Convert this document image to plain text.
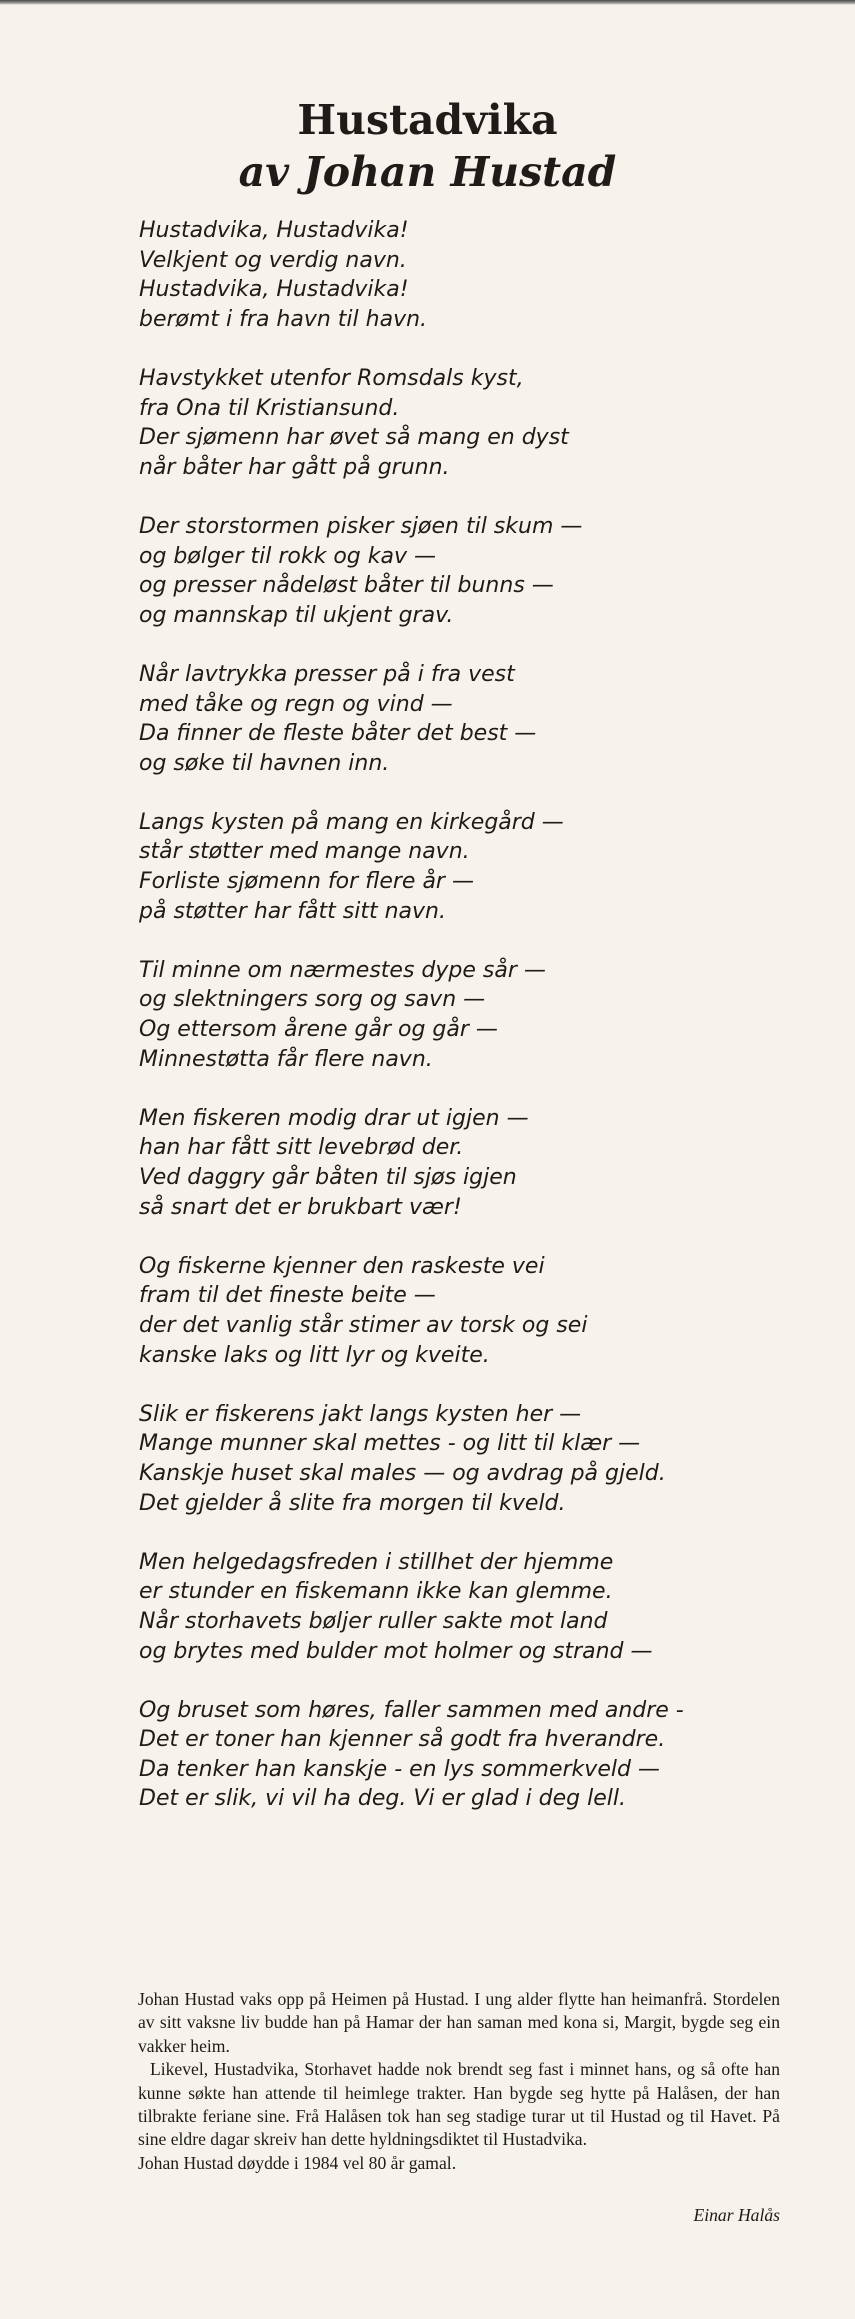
Hustadvika
av Johan Hustad
Hustadvika, Hustadvika!
Velkjent og verdig navn.
Hustadvika, Hustadvika!
berømt i fra havn til havn.
Havstykket utenfor Romsdals kyst,
fra Ona til Kristiansund.
Der sjømenn har øvet så mang en dyst
når båter har gått på grunn.
Der storstormen pisker sjøen til skum —
og bølger til rokk og kav —
og presser nådeløst båter til bunns —
og mannskap til ukjent grav.
Når lavtrykka presser på i fra vest
med tåke og regn og vind —
Da finner de fleste båter det best —
og søke til havnen inn.
Langs kysten på mang en kirkegård —
står støtter med mange navn.
Forliste sjømenn for flere år —
på støtter har fått sitt navn.
Til minne om nærmestes dype sår —
og slektningers sorg og savn —
Og ettersom årene går og går —
Minnestøtta får flere navn.
Men fiskeren modig drar ut igjen —
han har fått sitt levebrød der.
Ved daggry går båten til sjøs igjen
så snart det er brukbart vær!
Og fiskerne kjenner den raskeste vei
fram til det fineste beite —
der det vanlig står stimer av torsk og sei
kanske laks og litt lyr og kveite.
Slik er fiskerens jakt langs kysten her —
Mange munner skal mettes - og litt til klær —
Kanskje huset skal males — og avdrag på gjeld.
Det gjelder å slite fra morgen til kveld.
Men helgedagsfreden i stillhet der hjemme
er stunder en fiskemann ikke kan glemme.
Når storhavets bøljer ruller sakte mot land
og brytes med bulder mot holmer og strand —
Og bruset som høres, faller sammen med andre -
Det er toner han kjenner så godt fra hverandre.
Da tenker han kanskje - en lys sommerkveld —
Det er slik, vi vil ha deg. Vi er glad i deg lell.

Johan Hustad vaks opp på Heimen på Hustad. I ung alder flytte han heimanfrå. Stordelen av sitt vaksne liv budde han på Hamar der han saman med kona si, Margit, bygde seg ein vakker heim.

Likevel, Hustadvika, Storhavet hadde nok brendt seg fast i minnet hans, og så ofte han kunne søkte han attende til heimlege trakter. Han bygde seg hytte på Halåsen, der han tilbrakte feriane sine. Frå Halåsen tok han seg stadige turar ut til Hustad og til Havet. På sine eldre dagar skreiv han dette hyldningsdiktet til Hustadvika.

Johan Hustad døydde i 1984 vel 80 år gamal.

Einar Halås
